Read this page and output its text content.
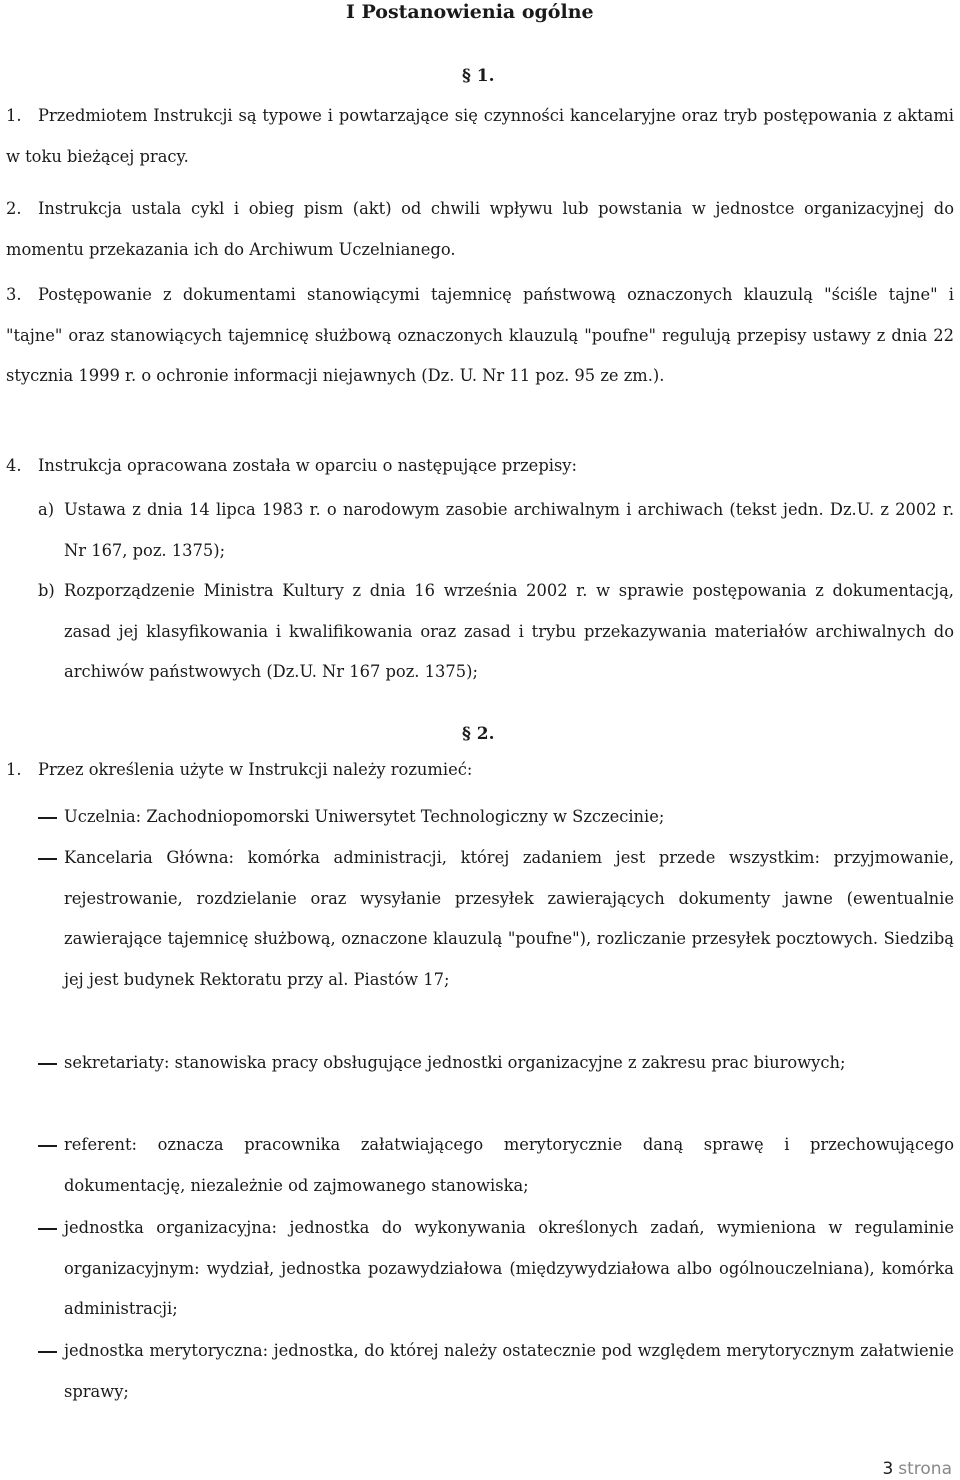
I Postanowienia ogólne
§ 1.
1. Przedmiotem Instrukcji są typowe i powtarzające się czynności kancelaryjne oraz tryb postępowania z aktami w toku bieżącej pracy.
2. Instrukcja ustala cykl i obieg pism (akt) od chwili wpływu lub powstania w jednostce organizacyjnej do momentu przekazania ich do Archiwum Uczelnianego.
3. Postępowanie z dokumentami stanowiącymi tajemnicę państwową oznaczonych klauzulą "ściśle tajne" i "tajne" oraz stanowiących tajemnicę służbową oznaczonych klauzulą "poufne" regulują przepisy ustawy z dnia 22 stycznia 1999 r. o ochronie informacji niejawnych (Dz. U. Nr 11 poz. 95 ze zm.).
4. Instrukcja opracowana została w oparciu o następujące przepisy:
a) Ustawa z dnia 14 lipca 1983 r. o narodowym zasobie archiwalnym i archiwach (tekst jedn. Dz.U. z 2002 r. Nr 167, poz. 1375);
b) Rozporządzenie Ministra Kultury z dnia 16 września 2002 r. w sprawie postępowania z dokumentacją, zasad jej klasyfikowania i kwalifikowania oraz zasad i trybu przekazywania materiałów archiwalnych do archiwów państwowych (Dz.U. Nr 167 poz. 1375);
§ 2.
1. Przez określenia użyte w Instrukcji należy rozumieć:
Uczelnia: Zachodniopomorski Uniwersytet Technologiczny w Szczecinie;
Kancelaria Główna: komórka administracji, której zadaniem jest przede wszystkim: przyjmowanie, rejestrowanie, rozdzielanie oraz wysyłanie przesyłek zawierających dokumenty jawne (ewentualnie zawierające tajemnicę służbową, oznaczone klauzulą "poufne"), rozliczanie przesyłek pocztowych. Siedzibą jej jest budynek Rektoratu przy al. Piastów 17;
sekretariaty: stanowiska pracy obsługujące jednostki organizacyjne z zakresu prac biurowych;
referent: oznacza pracownika załatwiającego merytorycznie daną sprawę i przechowującego dokumentację, niezależnie od zajmowanego stanowiska;
jednostka organizacyjna: jednostka do wykonywania określonych zadań, wymieniona w regulaminie organizacyjnym: wydział, jednostka pozawydziałowa (międzywydziałowa albo ogólnouczelniana), komórka administracji;
jednostka merytoryczna: jednostka, do której należy ostatecznie pod względem merytorycznym załatwienie sprawy;
3 strona
